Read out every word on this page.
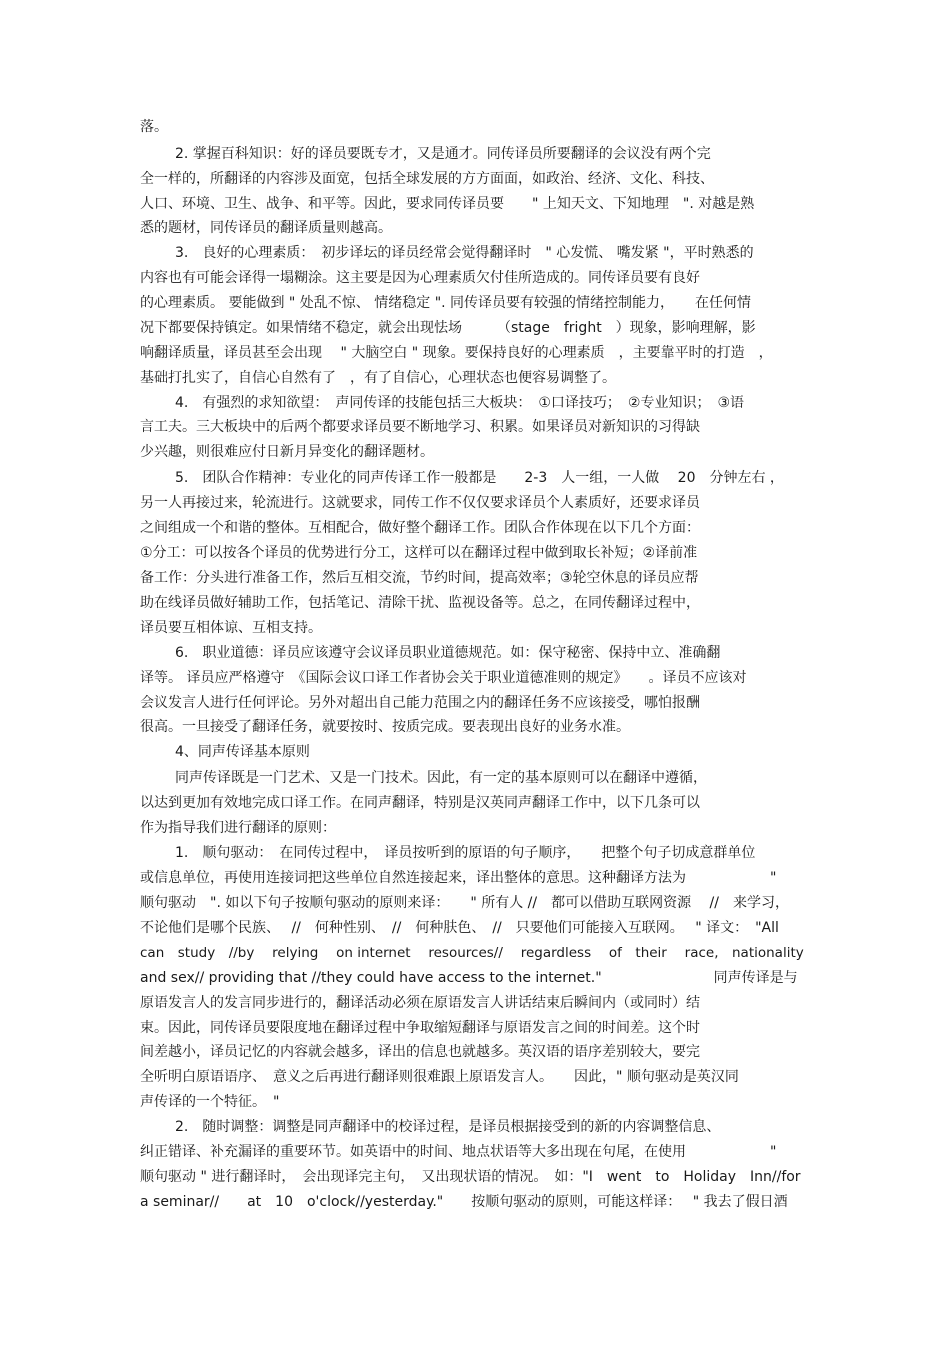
落。
2. 掌握百科知识：好的译员要既专才，又是通才。同传译员所要翻译的会议没有两个完
全一样的，所翻译的内容涉及面宽，包括全球发展的方方面面，如政治、经济、文化、科技、
人口、环境、卫生、战争、和平等。因此，要求同传译员要　　" 上知天文、下知地理　". 对越是熟
悉的题材，同传译员的翻译质量则越高。
3.　良好的心理素质：　初步译坛的译员经常会觉得翻译时　" 心发慌、 嘴发紧 "，平时熟悉的
内容也有可能会译得一塌糊涂。这主要是因为心理素质欠付佳所造成的。同传译员要有良好
的心理素质。 要能做到 " 处乱不惊、 情绪稳定 ". 同传译员要有较强的情绪控制能力，　　在任何情
况下都要保持镇定。如果情绪不稳定，就会出现怯场　　　（stage　fright　）现象，影响理解，影
响翻译质量，译员甚至会出现　 " 大脑空白 " 现象。要保持良好的心理素质　，主要靠平时的打造　，
基础打扎实了，自信心自然有了　，有了自信心，心理状态也便容易调整了。
4.　有强烈的求知欲望：　声同传译的技能包括三大板块：　①口译技巧；　②专业知识；　③语
言工夫。三大板块中的后两个都要求译员要不断地学习、积累。如果译员对新知识的习得缺
少兴趣，则很难应付日新月异变化的翻译题材。
5.　团队合作精神：专业化的同声传译工作一般都是　　2-3　人一组，一人做　 20　分钟左右 ，
另一人再接过来，轮流进行。这就要求，同传工作不仅仅要求译员个人素质好，还要求译员
之间组成一个和谐的整体。互相配合，做好整个翻译工作。团队合作体现在以下几个方面：
①分工：可以按各个译员的优势进行分工，这样可以在翻译过程中做到取长补短；②译前准
备工作：分头进行准备工作，然后互相交流，节约时间，提高效率；③轮空休息的译员应帮
助在线译员做好辅助工作，包括笔记、清除干扰、监视设备等。总之，在同传翻译过程中，
译员要互相体谅、互相支持。
6.　职业道德：译员应该遵守会议译员职业道德规范。如：保守秘密、保持中立、准确翻
译等。 译员应严格遵守　《国际会议口译工作者协会关于职业道德准则的规定》　　。译员不应该对
会议发言人进行任何评论。另外对超出自己能力范围之内的翻译任务不应该接受，哪怕报酬
很高。一旦接受了翻译任务，就要按时、按质完成。要表现出良好的业务水准。
4、同声传译基本原则
同声传译既是一门艺术、又是一门技术。因此，有一定的基本原则可以在翻译中遵循，
以达到更加有效地完成口译工作。在同声翻译，特别是汉英同声翻译工作中，以下几条可以
作为指导我们进行翻译的原则：
1.　顺句驱动：　在同传过程中，　译员按听到的原语的句子顺序，　　把整个句子切成意群单位
或信息单位，再使用连接词把这些单位自然连接起来，译出整体的意思。这种翻译方法为　　　　　　"
顺句驱动　". 如以下句子按顺句驱动的原则来译：　　" 所有人 //　都可以借助互联网资源　 //　来学习，
不论他们是哪个民族、　 //　何种性别、　//　何种肤色、　//　只要他们可能接入互联网。　 " 译文：　"All
can　study　//by　 relying　 on internet　 resources//　 regardless　 of　their　 race,　nationality
and sex// providing that //they could have access to the internet."　　　　　　　　同声传译是与
原语发言人的发言同步进行的，翻译活动必须在原语发言人讲话结束后瞬间内（或同时）结
束。因此，同传译员要限度地在翻译过程中争取缩短翻译与原语发言之间的时间差。这个时
间差越小，译员记忆的内容就会越多，译出的信息也就越多。英汉语的语序差别较大，要完
全听明白原语语序、　意义之后再进行翻译则很难跟上原语发言人。　　因此，" 顺句驱动是英汉同
声传译的一个特征。　"
2.　随时调整：调整是同声翻译中的校译过程，是译员根据接受到的新的内容调整信息、
纠正错译、补充漏译的重要环节。如英语中的时间、地点状语等大多出现在句尾，在使用　　　　　　"
顺句驱动 " 进行翻译时，　会出现译完主句，　又出现状语的情况。　如："I　went　to　Holiday　Inn//for
a seminar//　　at　10　o'clock//yesterday."　　按顺句驱动的原则，可能这样译：　 " 我去了假日酒
